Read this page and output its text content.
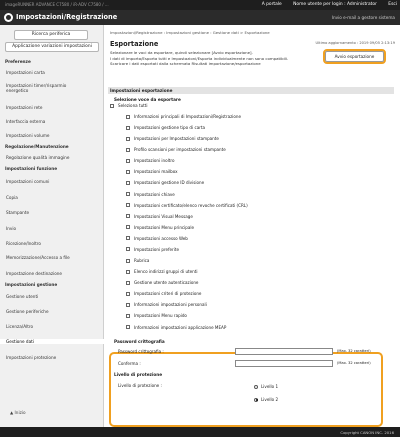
imageRUNNER ADVANCE C7580 / iR-ADV C7580 / ...	A portale	Nome utente per login : Administrator	Esci
Impostazioni/Registrazione	Invio e-mail a gestore sistema
Ricerca periferica
Applicazione variazioni impostazioni
Preferenze
Impostazioni carta
Impostazioni timer/risparmio energetico
Impostazioni rete
Interfaccia esterna
Impostazioni volume
Regolazione/Manutenzione
Regolazione qualità immagine
Impostazioni funzione
Impostazioni comuni
Copia
Stampante
Invio
Ricezione/Inoltro
Memorizzazione/Accesso a file
Impostazione destinazione
Impostazioni gestione
Gestione utenti
Gestione periferiche
Licenza/Altro
Gestione dati
Impostazioni protezione
Impostazioni/Registrazione : Impostazioni gestione : Gestione dati > Esportazione
Esportazione	Ultimo aggiornamento : 2019 09/05 2:13:19
Selezionare le voci da esportare, quindi selezionare [Avvio esportazione].
I dati di importa/Esporta tutti e Impostazioni/Esporta individualmente non sono compatibili.
Scaricare i dati esportati dalla schermata Risultati importazione/esportazione
Avvio esportazione
Impostazioni esportazione
Selezione voce da esportare
Seleziona tutti
Informazioni principali di Impostazioni/Registrazione
Impostazioni gestione tipo di carta
Impostazioni per Impostazioni stampante
Profilo scansioni per impostazioni stampante
Impostazioni inoltro
Impostazioni mailbox
Impostazioni gestione ID divisione
Impostazioni chiave
Impostazioni certificato/elenco revoche certificati (CRL)
Impostazioni Visual Message
Impostazioni Menu principale
Impostazioni accesso Web
Impostazioni preferite
Rubrica
Elenco indirizzi gruppi di utenti
Gestione utente autenticazione
Impostazioni criteri di protezione
Informazioni impostazioni personali
Impostazioni Menu rapido
Informazioni impostazioni applicazione MEAP
Password crittografia
Password crittografia :	(Max. 32 caratteri)
Conferma :	(Max. 32 caratteri)
Livello di protezione
Livello di protezione :	Livello 1
Livello 2
▲ Inizio
Copyright CANON INC. 2016
